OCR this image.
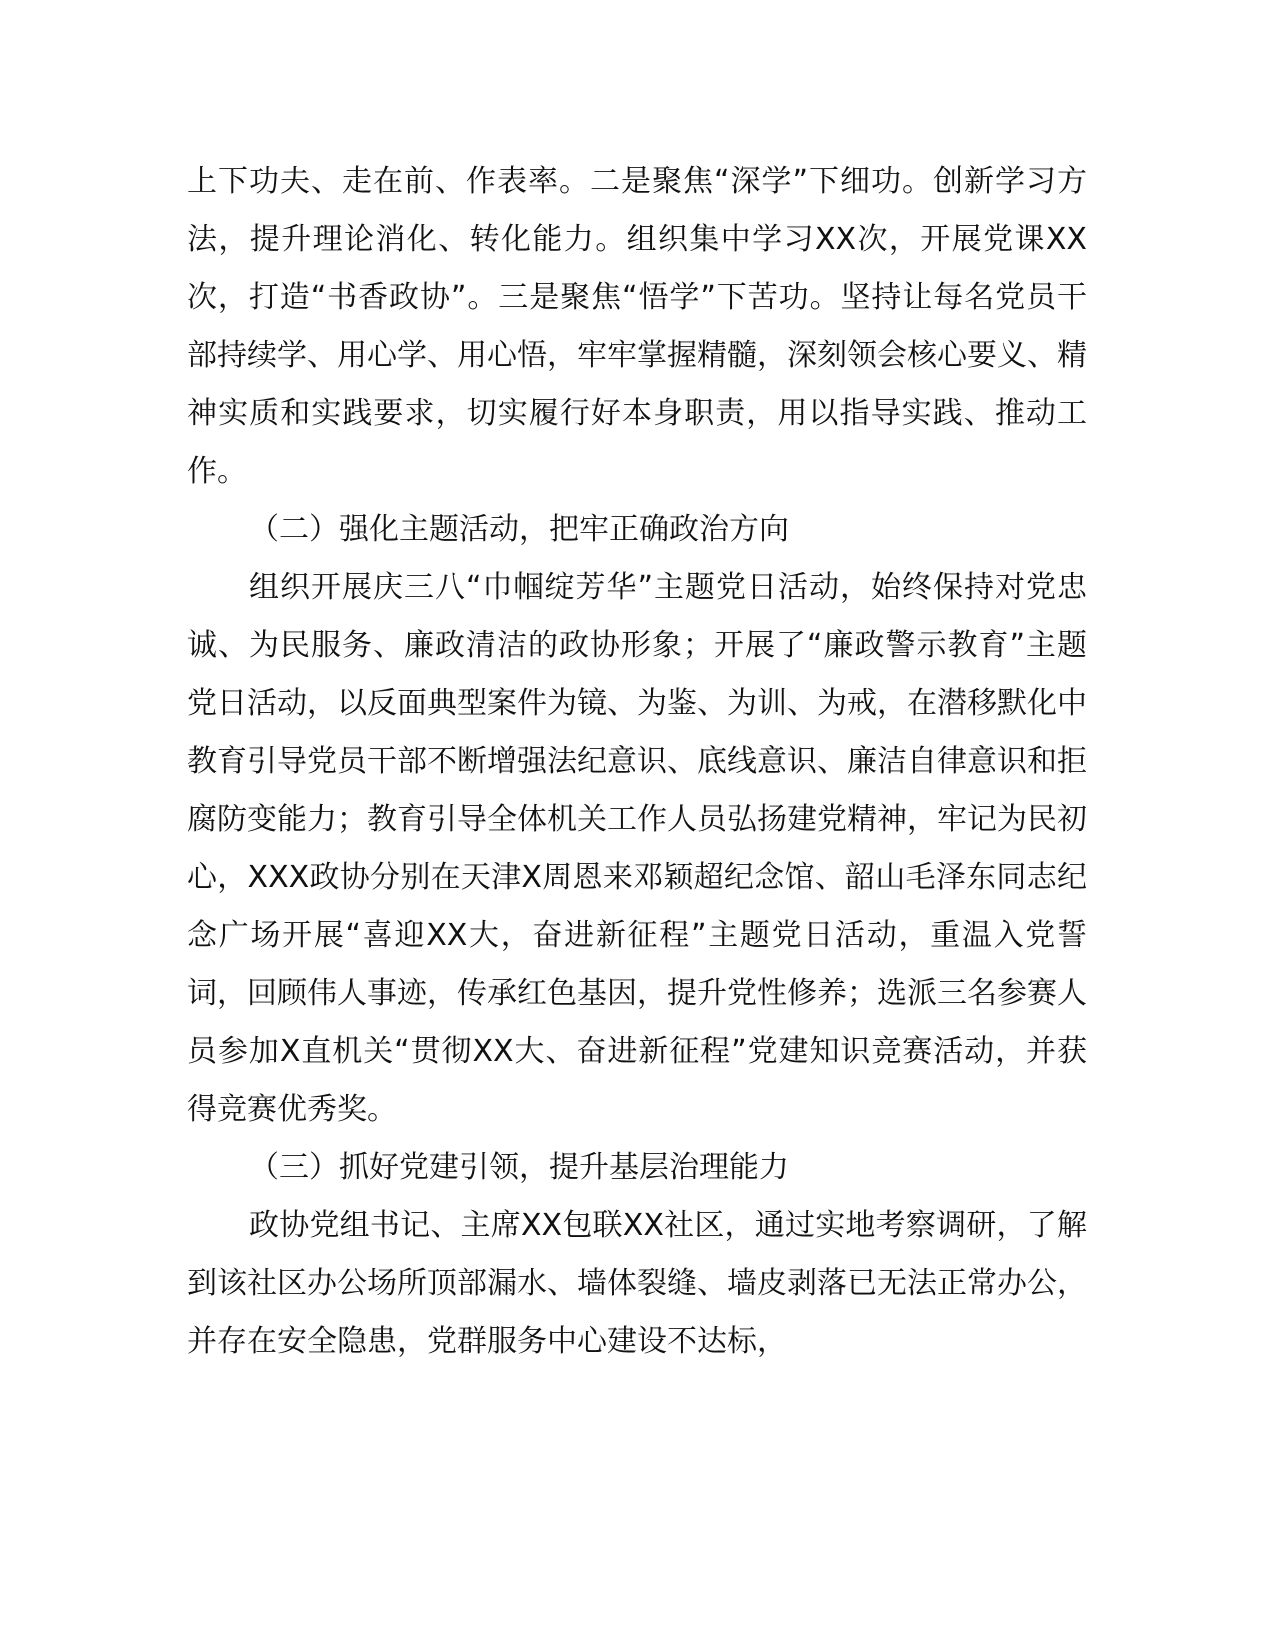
上下功夫、走在前、作表率。二是聚焦“深学”下细功。创新学习方法，提升理论消化、转化能力。组织集中学习XX次，开展党课XX次，打造“书香政协”。三是聚焦“悟学”下苦功。坚持让每名党员干部持续学、用心学、用心悟，牢牢掌握精髓，深刻领会核心要义、精神实质和实践要求，切实履行好本身职责，用以指导实践、推动工作。

（二）强化主题活动，把牢正确政治方向

组织开展庆三八“巾帼绽芳华”主题党日活动，始终保持对党忠诚、为民服务、廉政清洁的政协形象；开展了“廉政警示教育”主题党日活动，以反面典型案件为镜、为鉴、为训、为戒，在潜移默化中教育引导党员干部不断增强法纪意识、底线意识、廉洁自律意识和拒腐防变能力；教育引导全体机关工作人员弘扬建党精神，牢记为民初心，XXX政协分别在天津X周恩来邓颖超纪念馆、韶山毛泽东同志纪念广场开展“喜迎XX大，奋进新征程”主题党日活动，重温入党誓词，回顾伟人事迹，传承红色基因，提升党性修养；选派三名参赛人员参加X直机关“贯彻XX大、奋进新征程”党建知识竞赛活动，并获得竞赛优秀奖。

（三）抓好党建引领，提升基层治理能力

政协党组书记、主席XX包联XX社区，通过实地考察调研，了解到该社区办公场所顶部漏水、墙体裂缝、墙皮剥落已无法正常办公，并存在安全隐患，党群服务中心建设不达标，
